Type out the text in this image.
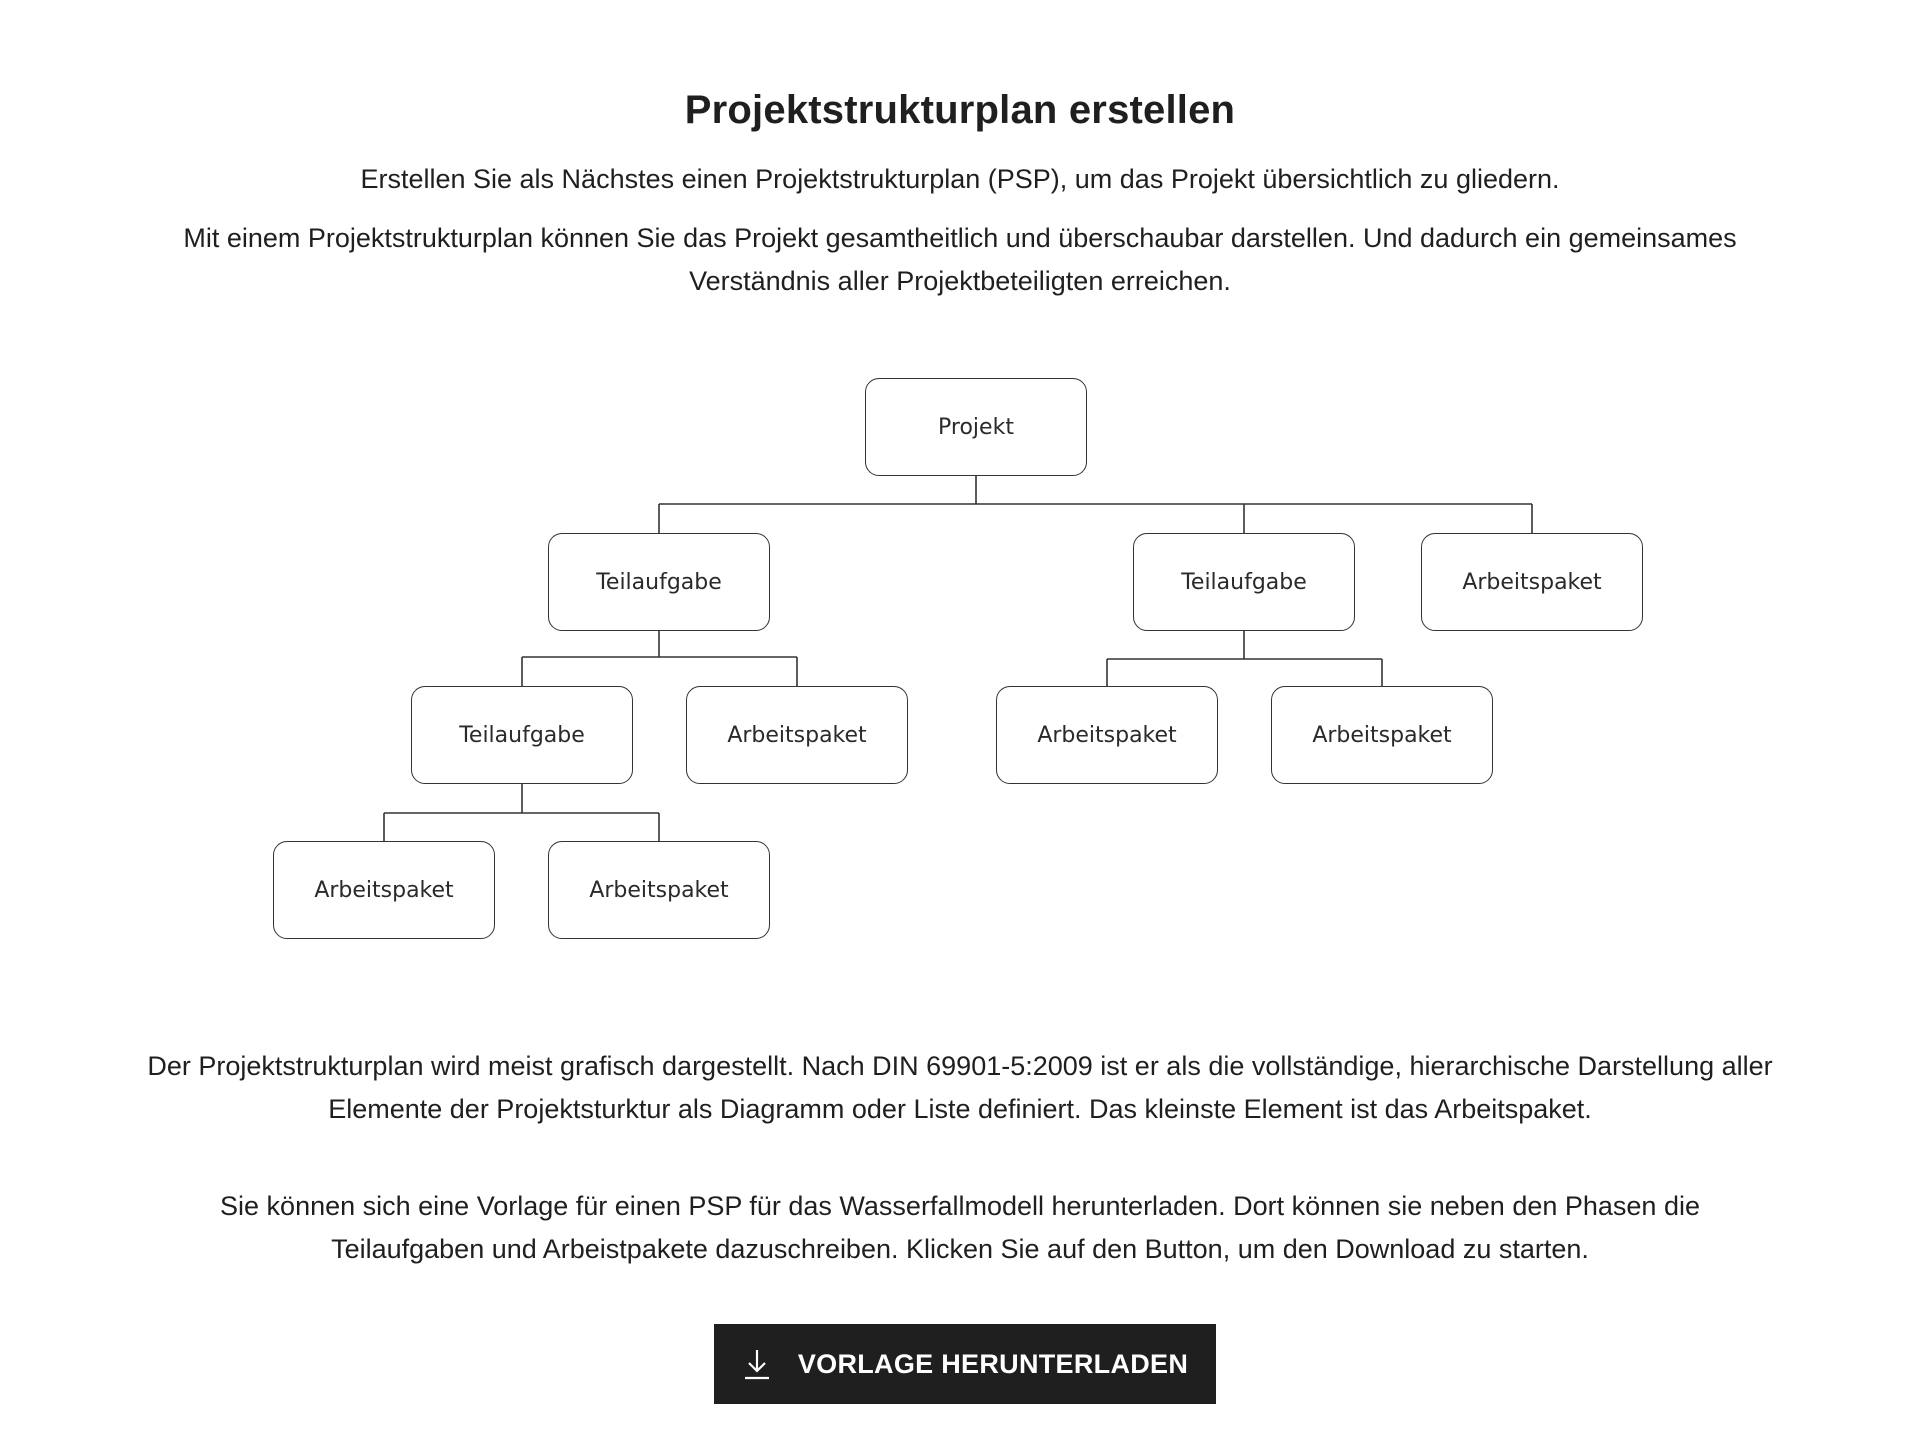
Projektstrukturplan erstellen

Erstellen Sie als Nächstes einen Projektstrukturplan (PSP), um das Projekt übersichtlich zu gliedern.

Mit einem Projektstrukturplan können Sie das Projekt gesamtheitlich und überschaubar darstellen. Und dadurch ein gemeinsames Verständnis aller Projektbeteiligten erreichen.

Projekt
Teilaufgabe	Teilaufgabe	Arbeitspaket
Teilaufgabe	Arbeitspaket	Arbeitspaket	Arbeitspaket
Arbeitspaket	Arbeitspaket

Der Projektstrukturplan wird meist grafisch dargestellt. Nach DIN 69901-5:2009 ist er als die vollständige, hierarchische Darstellung aller Elemente der Projektsturktur als Diagramm oder Liste definiert. Das kleinste Element ist das Arbeitspaket.

Sie können sich eine Vorlage für einen PSP für das Wasserfallmodell herunterladen. Dort können sie neben den Phasen die Teilaufgaben und Arbeistpakete dazuschreiben. Klicken Sie auf den Button, um den Download zu starten.

VORLAGE HERUNTERLADEN
